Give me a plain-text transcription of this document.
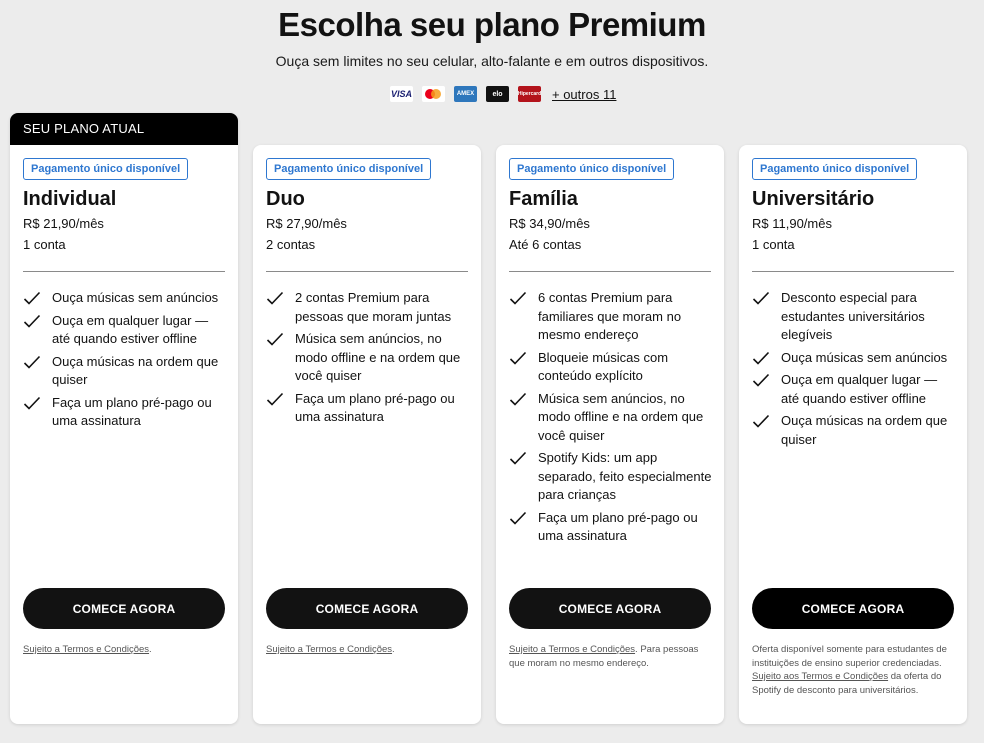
Escolha seu plano Premium
Ouça sem limites no seu celular, alto-falante e em outros dispositivos.
VISA	AMEX	elo	Hipercard + outros 11
SEU PLANO ATUAL
Pagamento único disponível
Individual
R$ 21,90/mês
1 conta
Ouça músicas sem anúncios
Ouça em qualquer lugar — até quando estiver offline
Ouça músicas na ordem que quiser
Faça um plano pré-pago ou uma assinatura
COMECE AGORA
Sujeito a Termos e Condições.
Pagamento único disponível
Duo
R$ 27,90/mês
2 contas
2 contas Premium para pessoas que moram juntas
Música sem anúncios, no modo offline e na ordem que você quiser
Faça um plano pré-pago ou uma assinatura
COMECE AGORA
Sujeito a Termos e Condições.
Pagamento único disponível
Família
R$ 34,90/mês
Até 6 contas
6 contas Premium para familiares que moram no mesmo endereço
Bloqueie músicas com conteúdo explícito
Música sem anúncios, no modo offline e na ordem que você quiser
Spotify Kids: um app separado, feito especialmente para crianças
Faça um plano pré-pago ou uma assinatura
COMECE AGORA
Sujeito a Termos e Condições. Para pessoas que moram no mesmo endereço.
Pagamento único disponível
Universitário
R$ 11,90/mês
1 conta
Desconto especial para estudantes universitários elegíveis
Ouça músicas sem anúncios
Ouça em qualquer lugar — até quando estiver offline
Ouça músicas na ordem que quiser
COMECE AGORA
Oferta disponível somente para estudantes de instituições de ensino superior credenciadas. Sujeito aos Termos e Condições da oferta do Spotify de desconto para universitários.
